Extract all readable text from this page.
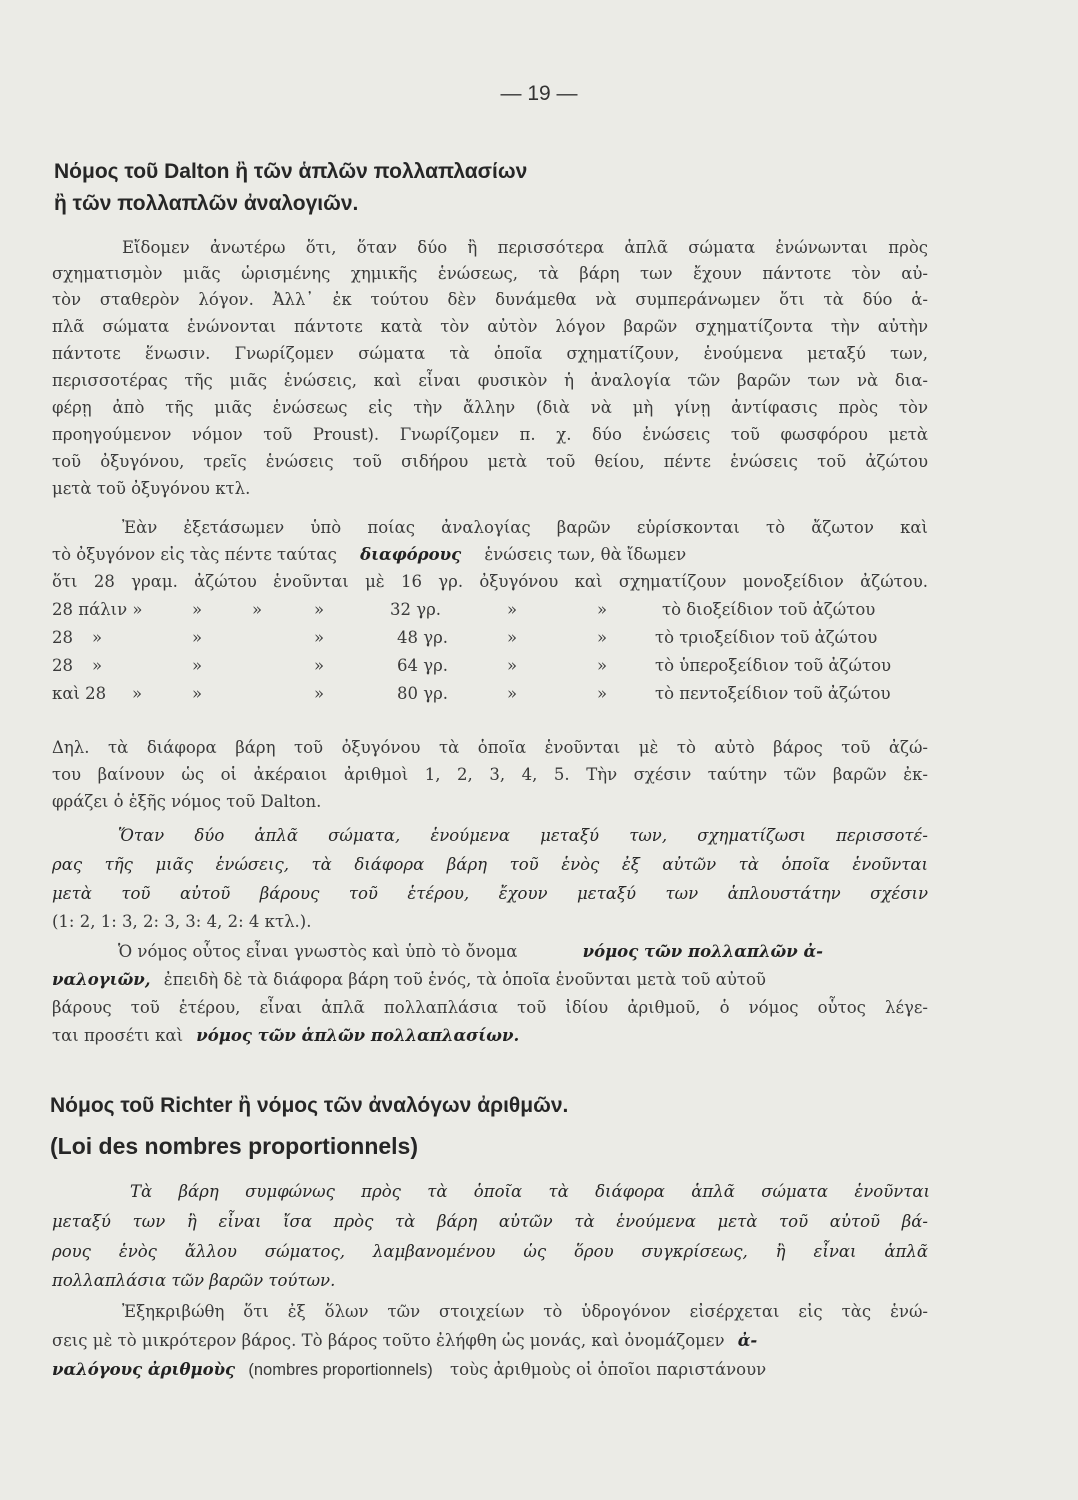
— 19 —
Νόμος τοῦ Dalton ἢ τῶν ἁπλῶν πολλαπλασίων
ἢ τῶν πολλαπλῶν ἀναλογιῶν.
Εἴδομεν ἀνωτέρω ὅτι, ὅταν δύο ἢ περισσότερα ἁπλᾶ σώματα ἑνώνωνται πρὸς
σχηματισμὸν μιᾶς ὡρισμένης χημικῆς ἑνώσεως, τὰ βάρη των ἔχουν πάντοτε τὸν αὐ-
τὸν σταθερὸν λόγον. Ἀλλ᾽ ἐκ τούτου δὲν δυνάμεθα νὰ συμπεράνωμεν ὅτι τὰ δύο ἁ-
πλᾶ σώματα ἑνώνονται πάντοτε κατὰ τὸν αὐτὸν λόγον βαρῶν σχηματίζοντα τὴν αὐτὴν
πάντοτε ἕνωσιν. Γνωρίζομεν σώματα τὰ ὁποῖα σχηματίζουν, ἑνούμενα μεταξύ των,
περισσοτέρας τῆς μιᾶς ἑνώσεις, καὶ εἶναι φυσικὸν ἡ ἀναλογία τῶν βαρῶν των νὰ δια-
φέρῃ ἀπὸ τῆς μιᾶς ἑνώσεως εἰς τὴν ἄλλην (διὰ νὰ μὴ γίνῃ ἀντίφασις πρὸς τὸν
προηγούμενον νόμον τοῦ Proust). Γνωρίζομεν π. χ. δύο ἑνώσεις τοῦ φωσφόρου μετὰ
τοῦ ὀξυγόνου, τρεῖς ἑνώσεις τοῦ σιδήρου μετὰ τοῦ θείου, πέντε ἑνώσεις τοῦ ἀζώτου
μετὰ τοῦ ὀξυγόνου κτλ.
Ἐὰν ἐξετάσωμεν ὑπὸ ποίας ἀναλογίας βαρῶν εὑρίσκονται τὸ ἄζωτον καὶ
τὸ ὀξυγόνον εἰς τὰς πέντε ταύτας διαφόρους ἑνώσεις των, θὰ ἴδωμεν
ὅτι 28 γραμ. ἀζώτου ἑνοῦνται μὲ 16 γρ. ὀξυγόνου καὶ σχηματίζουν μονοξείδιον ἀζώτου.
28 πάλιν »	»	»	»	32 γρ.	»	»	τὸ διοξείδιον τοῦ ἀζώτου
28 »	»	»	48 γρ.	»	»	τὸ τριοξείδιον τοῦ ἀζώτου
28 »	»	»	64 γρ.	»	»	τὸ ὑπεροξείδιον τοῦ ἀζώτου
καὶ 28 »	»	»	80 γρ.	»	»	τὸ πεντοξείδιον τοῦ ἀζώτου
Δηλ. τὰ διάφορα βάρη τοῦ ὀξυγόνου τὰ ὁποῖα ἑνοῦνται μὲ τὸ αὐτὸ βάρος τοῦ ἀζώ-
του βαίνουν ὡς οἱ ἀκέραιοι ἀριθμοὶ 1, 2, 3, 4, 5. Τὴν σχέσιν ταύτην τῶν βαρῶν ἐκ-
φράζει ὁ ἑξῆς νόμος τοῦ Dalton.
Ὅταν δύο ἁπλᾶ σώματα, ἑνούμενα μεταξύ των, σχηματίζωσι περισσοτέ-
ρας τῆς μιᾶς ἑνώσεις, τὰ διάφορα βάρη τοῦ ἑνὸς ἐξ αὐτῶν τὰ ὁποῖα ἑνοῦνται
μετὰ τοῦ αὐτοῦ βάρους τοῦ ἑτέρου, ἔχουν μεταξύ των ἁπλουστάτην σχέσιν
(1: 2, 1: 3, 2: 3, 3: 4, 2: 4 κτλ.).
Ὁ νόμος οὗτος εἶναι γνωστὸς καὶ ὑπὸ τὸ ὄνομα	νόμος τῶν πολλαπλῶν ἀ-
ναλογιῶν, ἐπειδὴ δὲ τὰ διάφορα βάρη τοῦ ἑνός, τὰ ὁποῖα ἑνοῦνται μετὰ τοῦ αὐτοῦ
βάρους τοῦ ἑτέρου, εἶναι ἁπλᾶ πολλαπλάσια τοῦ ἰδίου ἀριθμοῦ, ὁ νόμος οὗτος λέγε-
ται προσέτι καὶ νόμος τῶν ἁπλῶν πολλαπλασίων.
Νόμος τοῦ Richter ἢ νόμος τῶν ἀναλόγων ἀριθμῶν.
(Loi des nombres proportionnels)
Τὰ βάρη συμφώνως πρὸς τὰ ὁποῖα τὰ διάφορα ἁπλᾶ σώματα ἑνοῦνται
μεταξύ των ἢ εἶναι ἴσα πρὸς τὰ βάρη αὐτῶν τὰ ἑνούμενα μετὰ τοῦ αὐτοῦ βά-
ρους ἑνὸς ἄλλου σώματος, λαμβανομένου ὡς ὅρου συγκρίσεως, ἢ εἶναι ἁπλᾶ
πολλαπλάσια τῶν βαρῶν τούτων.
Ἐξηκριβώθη ὅτι ἐξ ὅλων τῶν στοιχείων τὸ ὑδρογόνον εἰσέρχεται εἰς τὰς ἑνώ-
σεις μὲ τὸ μικρότερον βάρος. Τὸ βάρος τοῦτο ἐλήφθη ὡς μονάς, καὶ ὀνομάζομεν ἀ-
ναλόγους ἀριθμοὺς (nombres proportionnels) τοὺς ἀριθμοὺς οἱ ὁποῖοι παριστάνουν
